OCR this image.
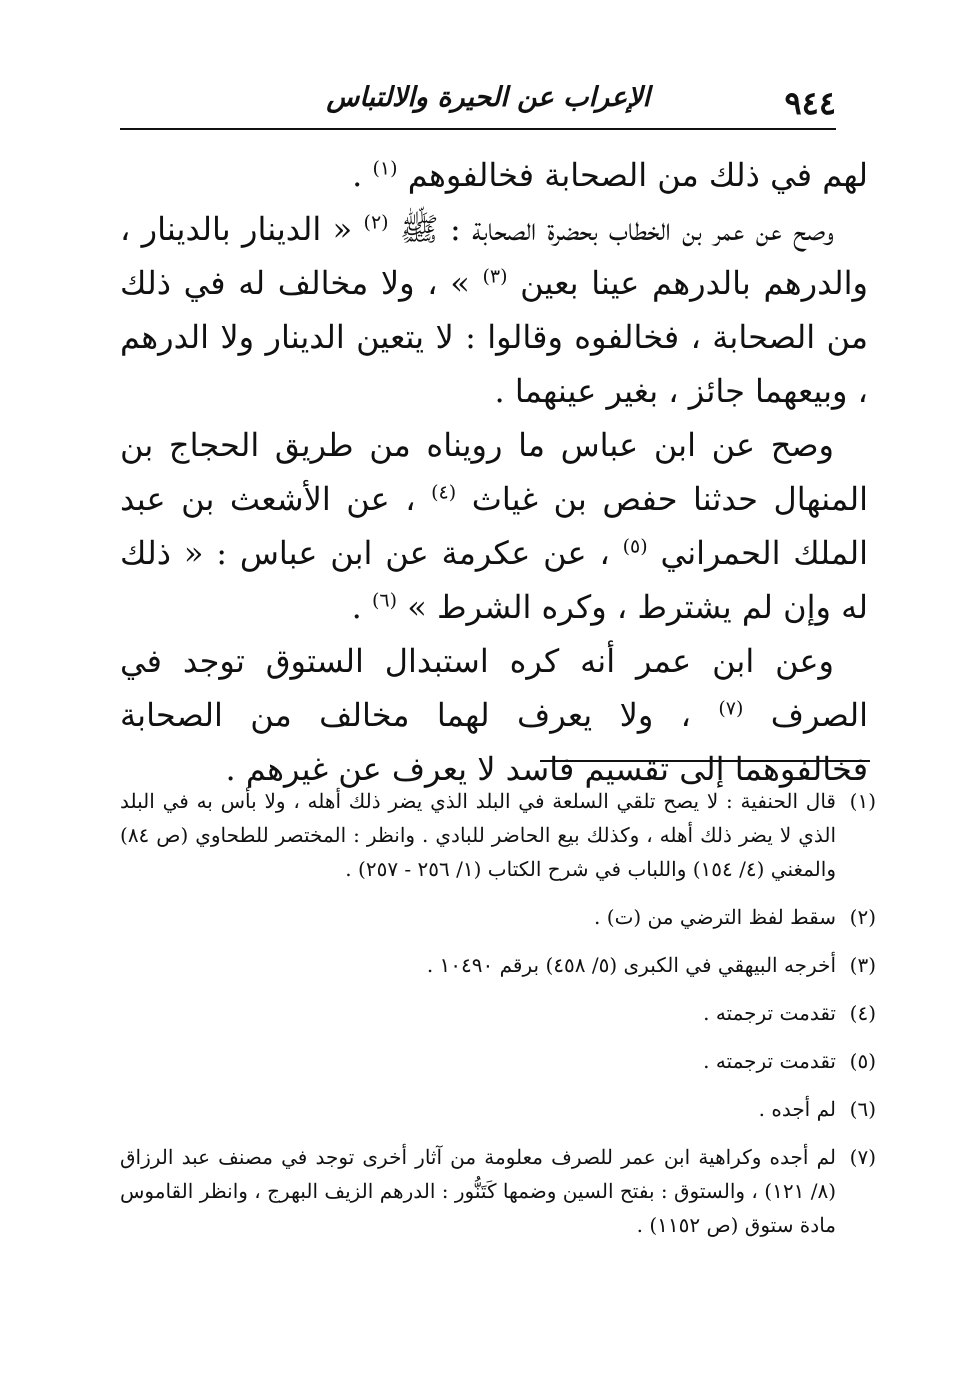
٩٤٤
الإعراب عن الحيرة والالتباس

لهم في ذلك من الصحابة فخالفوهم $^{(١)}$ .

وصح عن عمر بن الخطاب بحضرة الصحابة : ﷺ $^{(٢)}$ « الدينار بالدينار ، والدرهم بالدرهم عينا بعين $^{(٣)}$ » ، ولا مخالف له في ذلك من الصحابة ، فخالفوه وقالوا : لا يتعين الدينار ولا الدرهم ، وبيعهما جائز ، بغير عينهما .

وصح عن ابن عباس ما رويناه من طريق الحجاج بن المنهال حدثنا حفص بن غياث $^{(٤)}$ ، عن الأشعث بن عبد الملك الحمراني $^{(٥)}$ ، عن عكرمة عن ابن عباس : « ذلك له وإن لم يشترط ، وكره الشرط » $^{(٦)}$ .

وعن ابن عمر أنه كره استبدال الستوق توجد في الصرف $^{(٧)}$ ، ولا يعرف لهما مخالف من الصحابة فخالفوهما إلى تقسيم فاسد لا يعرف عن غيرهم .

(١)
قال الحنفية : لا يصح تلقي السلعة في البلد الذي يضر ذلك أهله ، ولا بأس به في البلد الذي لا يضر ذلك أهله ، وكذلك بيع الحاضر للبادي . وانظر : المختصر للطحاوي (ص ٨٤) والمغني (٤/ ١٥٤) واللباب في شرح الكتاب (١/ ٢٥٦ - ٢٥٧) .
(٢)
سقط لفظ الترضي من (ت) .
(٣)
أخرجه البيهقي في الكبرى (٥/ ٤٥٨) برقم ١٠٤٩٠ .
(٤)
تقدمت ترجمته .
(٥)
تقدمت ترجمته .
(٦)
لم أجده .
(٧)
لم أجده وكراهية ابن عمر للصرف معلومة من آثار أخرى توجد في مصنف عبد الرزاق (٨/ ١٢١) ، والستوق : بفتح السين وضمها كَتَنُّور : الدرهم الزيف البهرج ، وانظر القاموس مادة ستوق (ص ١١٥٢) .
